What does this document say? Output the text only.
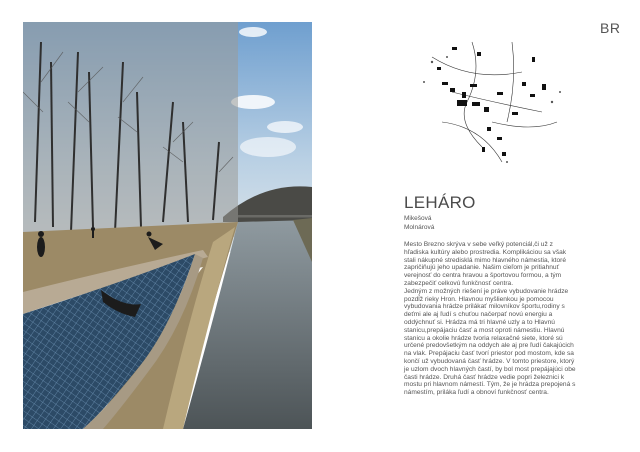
BR
LEHÁRO
Mikešová
Molnárová

Mesto Brezno skrýva v sebe veľký potenciál,či už z hľadiska kultúry alebo prostredia. Komplikáciou sa však stali nákupné stredisklá mimo hlavného námestia, ktoré zapričiňujú jeho upadanie. Našim cieľom je pritiahnuť verejnosť do centra hravou a športovou formou, a tým zabezpečiť celkovú funkčnosť centra.

Jedným z možných riešení je práve vybudovanie hrádze pozdĺž rieky Hron. Hlavnou myšlienkou je pomocou vybudovania hrádze prilákať milovníkov športu,rodiny s deťmi ale aj ľudí s chuťou načerpať novú energiu a oddýchnuť si. Hrádza má tri hlavné uzly a to Hlavnú stanicu,prepájaciu časť a most oproti námestiu. Hlavnú stanicu a okolie hrádze tvoria relaxačné siete, ktoré sú určené predovšetkým na oddych ale aj pre ľudí čakajúcich na vlak. Prepájaciu časť tvorí priestor pod mostom, kde sa končí už vybudovaná časť hrádze. V tomto priestore, ktorý je uzlom dvoch hlavných častí, by bol most prepájajúci obe časti hrádze. Druhá časť hrádze vedie popri železnici k mostu pri hlavnom námestí. Tým, že je hrádza prepojená s námestím, priláka ľudí a obnoví funkčnosť centra.
